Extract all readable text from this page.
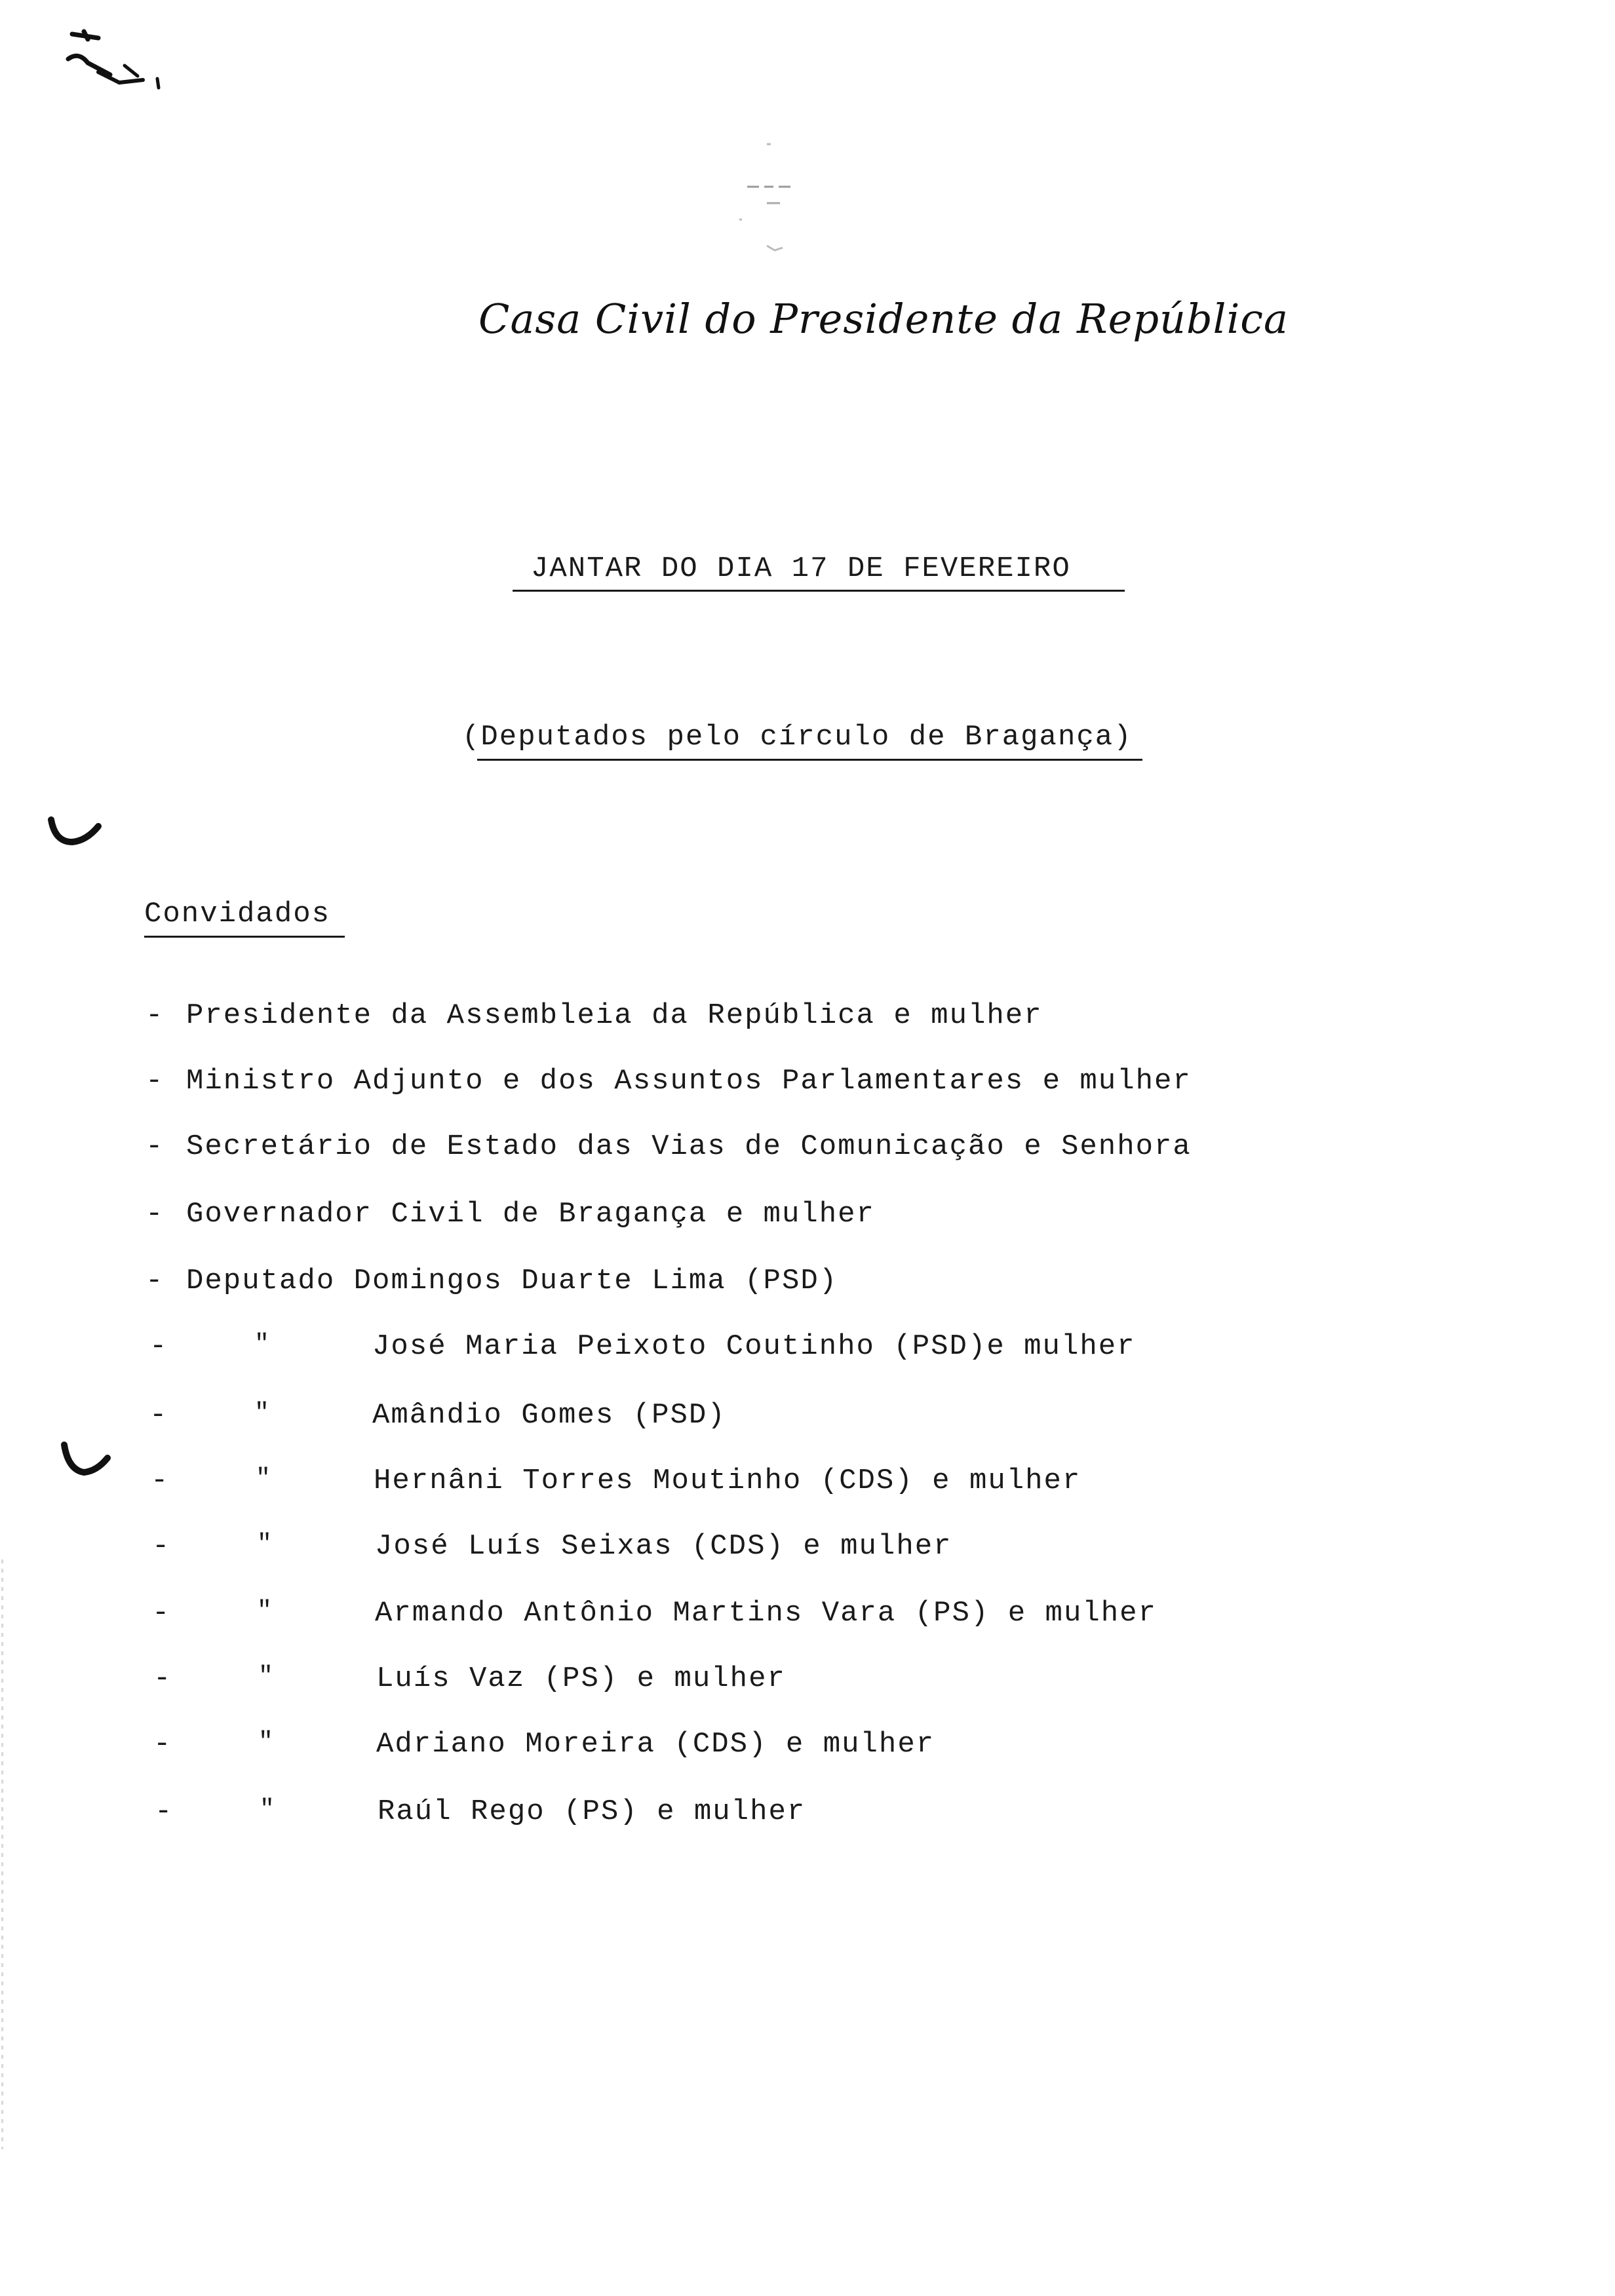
Casa Civil do Presidente da República
JANTAR DO DIA 17 DE FEVEREIRO
(Deputados pelo círculo de Bragança)
Convidados
- Presidente da Assembleia da República e mulher
- Ministro Adjunto e dos Assuntos Parlamentares e mulher
- Secretário de Estado das Vias de Comunicação e Senhora
- Governador Civil de Bragança e mulher
- Deputado Domingos Duarte Lima (PSD)
-	"	José Maria Peixoto Coutinho (PSD)e mulher
-	"	Amândio Gomes (PSD)
-	"	Hernâni Torres Moutinho (CDS) e mulher
-	"	José Luís Seixas (CDS) e mulher
-	"	Armando Antônio Martins Vara (PS) e mulher
-	"	Luís Vaz (PS) e mulher
-	"	Adriano Moreira (CDS) e mulher
-	"	Raúl Rego (PS) e mulher
